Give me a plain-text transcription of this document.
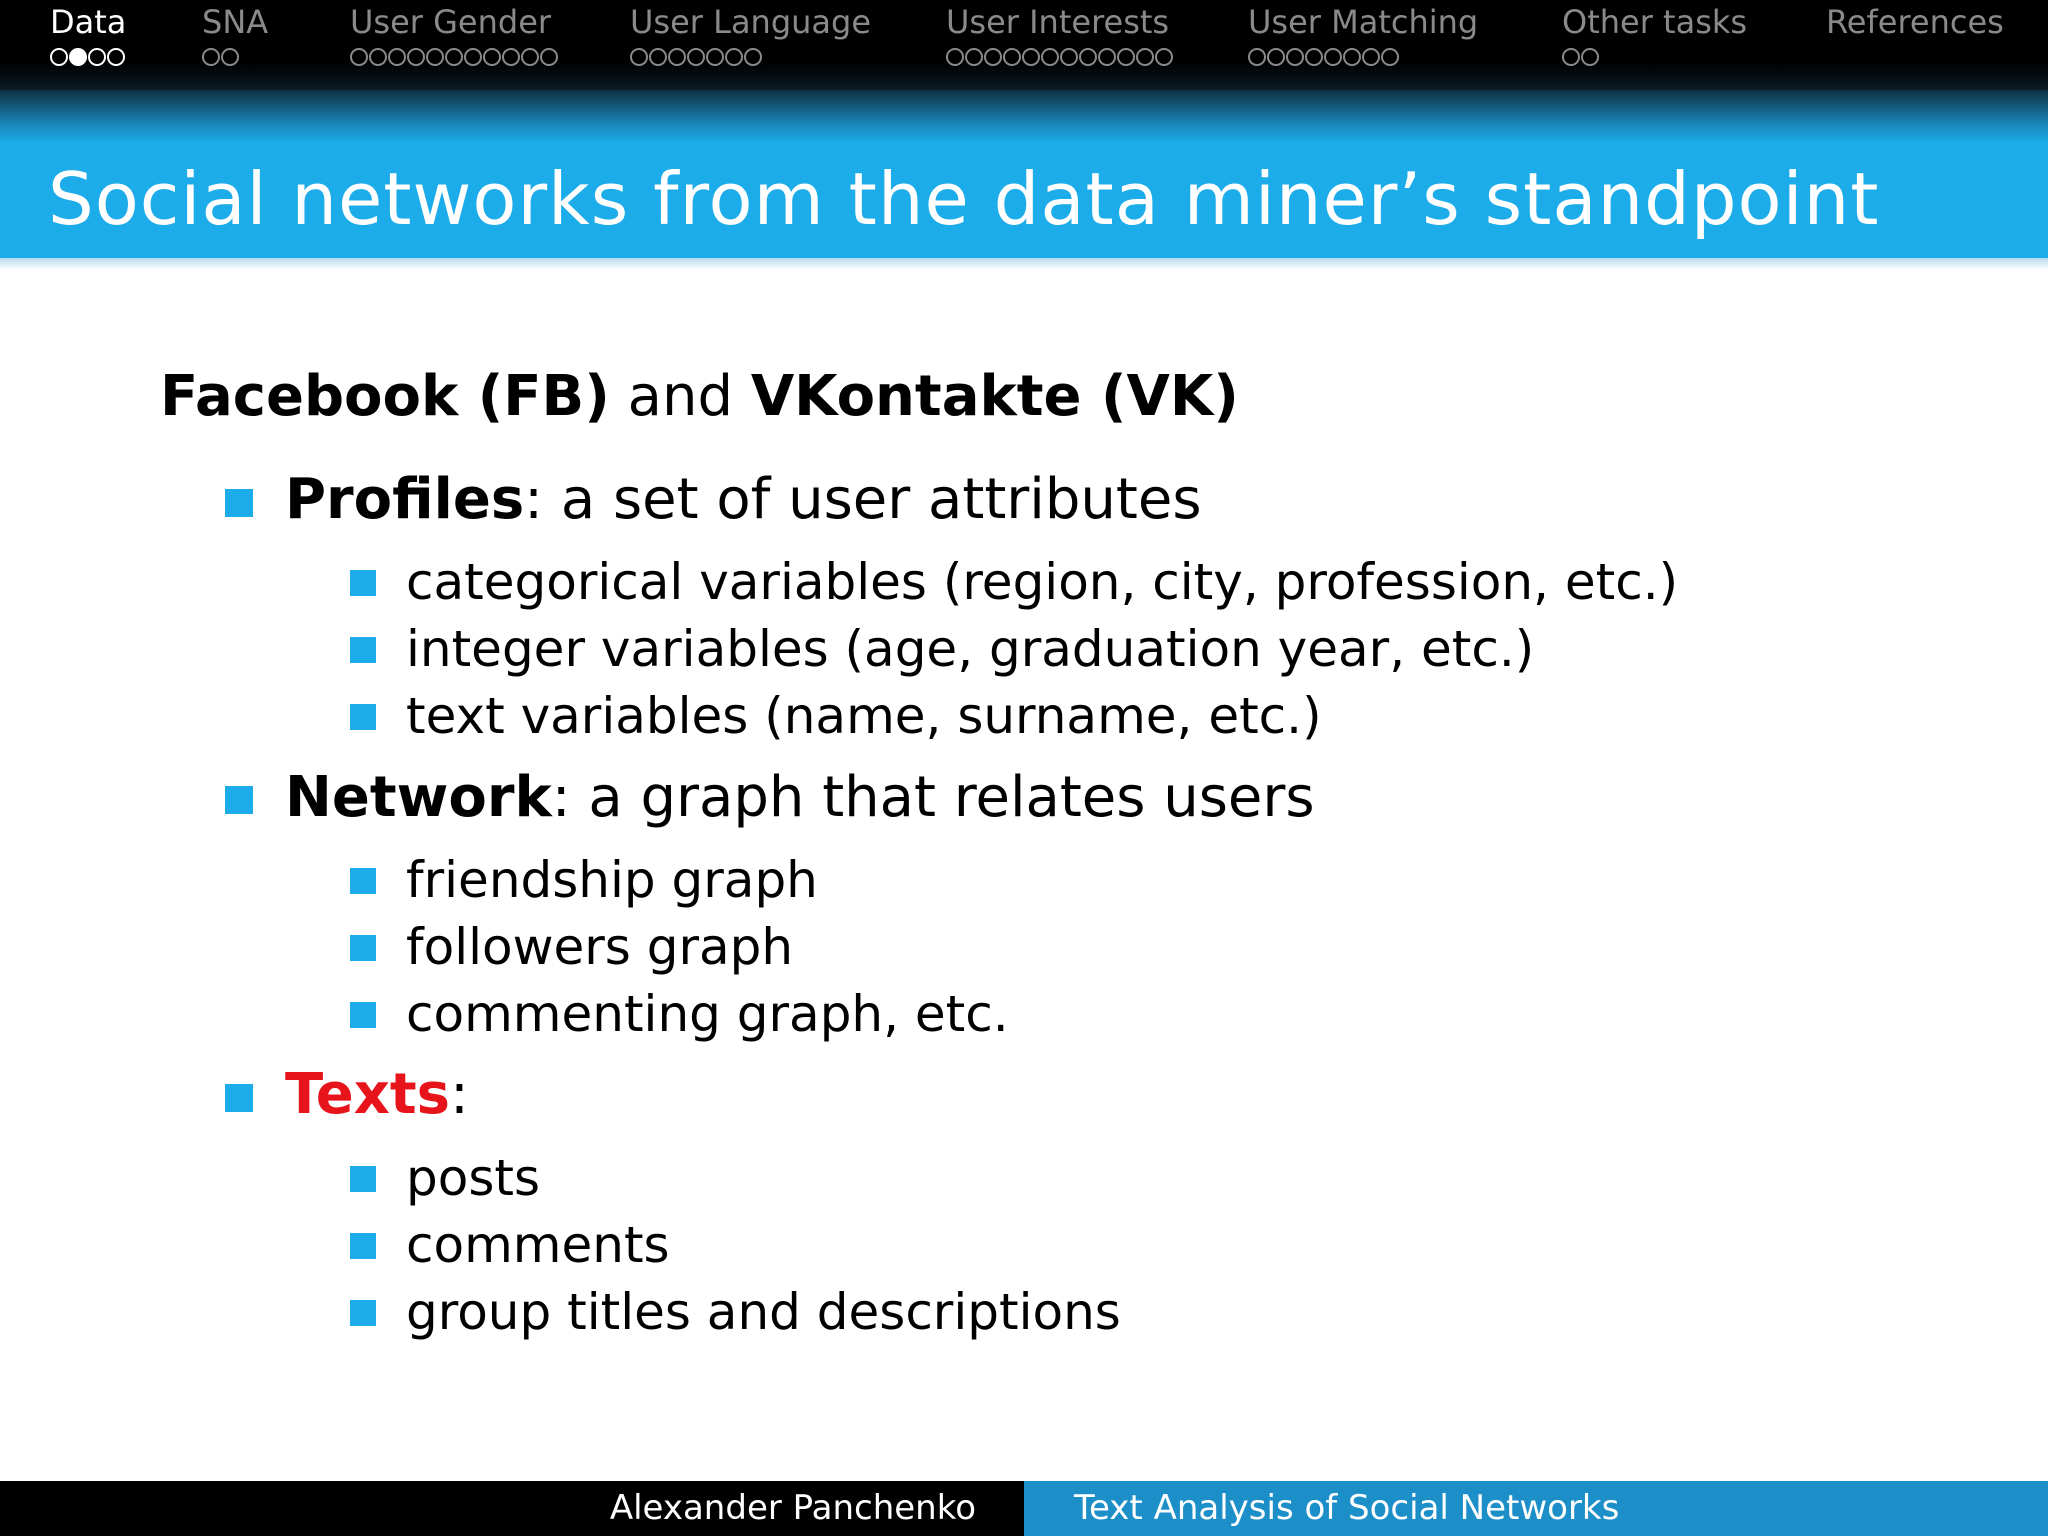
Data SNA	User Gender User Language User Interests User Matching	Other tasks References
Social networks from the data miner’s standpoint
Facebook (FB) and VKontakte (VK)
Profiles: a set of user attributes
categorical variables (region, city, profession, etc.)
integer variables (age, graduation year, etc.)
text variables (name, surname, etc.)
Network: a graph that relates users
friendship graph
followers graph
commenting graph, etc.
Texts:
posts
comments
group titles and descriptions
Alexander Panchenko	Text Analysis of Social Networks
